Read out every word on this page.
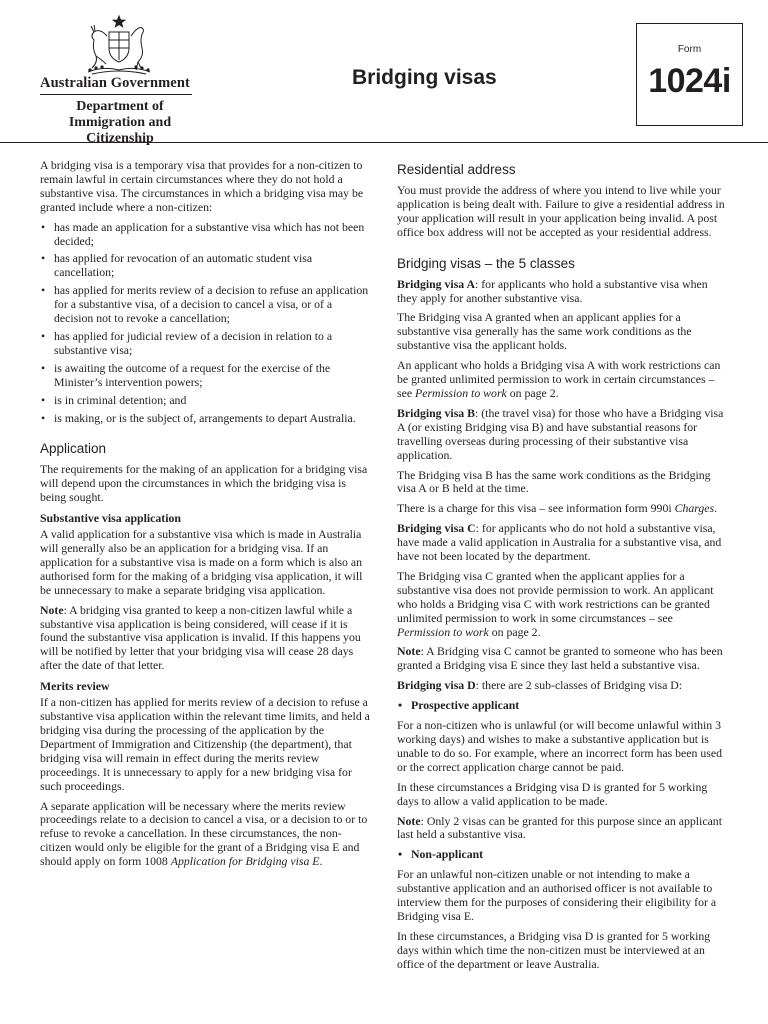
Australian Government
Department of Immigration and Citizenship
Bridging visas
Form
1024i

A bridging visa is a temporary visa that provides for a non-citizen to remain lawful in certain circumstances where they do not hold a substantive visa. The circumstances in which a bridging visa may be granted include where a non-citizen:

• has made an application for a substantive visa which has not been decided;
• has applied for revocation of an automatic student visa cancellation;
• has applied for merits review of a decision to refuse an application for a substantive visa, of a decision to cancel a visa, or of a decision not to revoke a cancellation;
• has applied for judicial review of a decision in relation to a substantive visa;
• is awaiting the outcome of a request for the exercise of the Minister’s intervention powers;
• is in criminal detention; and
• is making, or is the subject of, arrangements to depart Australia.
Application

The requirements for the making of an application for a bridging visa will depend upon the circumstances in which the bridging visa is being sought.

Substantive visa application

A valid application for a substantive visa which is made in Australia will generally also be an application for a bridging visa. If an application for a substantive visa is made on a form which is also an authorised form for the making of a bridging visa application, it will be unnecessary to make a separate bridging visa application.

Note: A bridging visa granted to keep a non-citizen lawful while a substantive visa application is being considered, will cease if it is found the substantive visa application is invalid. If this happens you will be notified by letter that your bridging visa will cease 28 days after the date of that letter.

Merits review

If a non-citizen has applied for merits review of a decision to refuse a substantive visa application within the relevant time limits, and held a bridging visa during the processing of the application by the Department of Immigration and Citizenship (the department), that bridging visa will remain in effect during the merits review proceedings. It is unnecessary to apply for a new bridging visa for such proceedings.

A separate application will be necessary where the merits review proceedings relate to a decision to cancel a visa, or a decision to or to refuse to revoke a cancellation. In these circumstances, the non-citizen would only be eligible for the grant of a Bridging visa E and should apply on form 1008 Application for Bridging visa E.

Residential address

You must provide the address of where you intend to live while your application is being dealt with. Failure to give a residential address in your application will result in your application being invalid. A post office box address will not be accepted as your residential address.

Bridging visas – the 5 classes

Bridging visa A: for applicants who hold a substantive visa when they apply for another substantive visa.

The Bridging visa A granted when an applicant applies for a substantive visa generally has the same work conditions as the substantive visa the applicant holds.

An applicant who holds a Bridging visa A with work restrictions can be granted unlimited permission to work in certain circumstances – see Permission to work on page 2.

Bridging visa B: (the travel visa) for those who have a Bridging visa A (or existing Bridging visa B) and have substantial reasons for travelling overseas during processing of their substantive visa application.

The Bridging visa B has the same work conditions as the Bridging visa A or B held at the time.

There is a charge for this visa – see information form 990i Charges.

Bridging visa C: for applicants who do not hold a substantive visa, have made a valid application in Australia for a substantive visa, and have not been located by the department.

The Bridging visa C granted when the applicant applies for a substantive visa does not provide permission to work. An applicant who holds a Bridging visa C with work restrictions can be granted unlimited permission to work in some circumstances – see Permission to work on page 2.

Note: A Bridging visa C cannot be granted to someone who has been granted a Bridging visa E since they last held a substantive visa.

Bridging visa D: there are 2 sub-classes of Bridging visa D:

• Prospective applicant

For a non-citizen who is unlawful (or will become unlawful within 3 working days) and wishes to make a substantive application but is unable to do so. For example, where an incorrect form has been used or the correct application charge cannot be paid.

In these circumstances a Bridging visa D is granted for 5 working days to allow a valid application to be made.

Note: Only 2 visas can be granted for this purpose since an applicant last held a substantive visa.

• Non-applicant

For an unlawful non-citizen unable or not intending to make a substantive application and an authorised officer is not available to interview them for the purposes of considering their eligibility for a Bridging visa E.

In these circumstances, a Bridging visa D is granted for 5 working days within which time the non-citizen must be interviewed at an office of the department or leave Australia.
